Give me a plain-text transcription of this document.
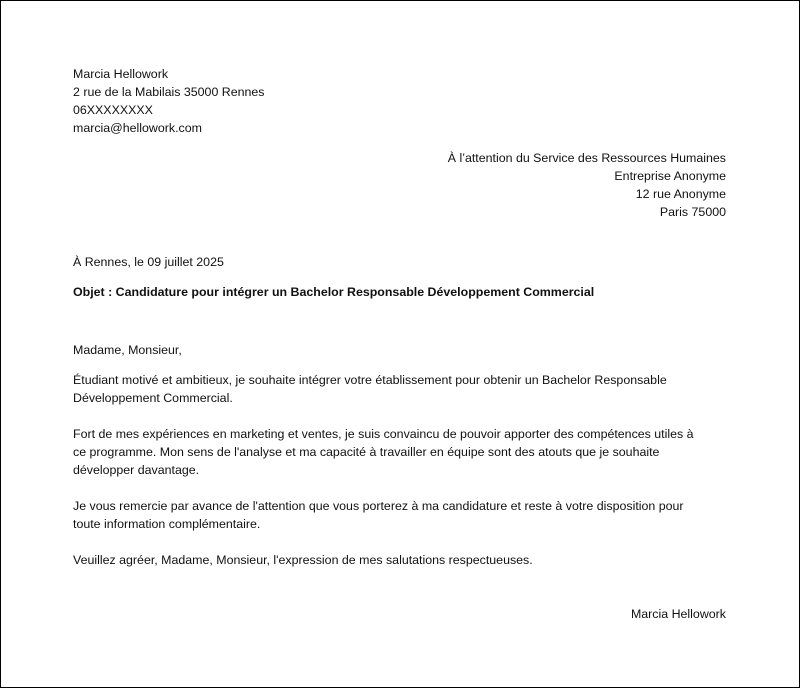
Marcia Hellowork
2 rue de la Mabilais 35000 Rennes
06XXXXXXXX
marcia@hellowork.com
À l’attention du Service des Ressources Humaines
Entreprise Anonyme
12 rue Anonyme
Paris 75000
À Rennes, le 09 juillet 2025
Objet : Candidature pour intégrer un Bachelor Responsable Développement Commercial
Madame, Monsieur,
Étudiant motivé et ambitieux, je souhaite intégrer votre établissement pour obtenir un Bachelor Responsable
Développement Commercial.
Fort de mes expériences en marketing et ventes, je suis convaincu de pouvoir apporter des compétences utiles à
ce programme. Mon sens de l'analyse et ma capacité à travailler en équipe sont des atouts que je souhaite
développer davantage.
Je vous remercie par avance de l'attention que vous porterez à ma candidature et reste à votre disposition pour
toute information complémentaire.
Veuillez agréer, Madame, Monsieur, l'expression de mes salutations respectueuses.
Marcia Hellowork
